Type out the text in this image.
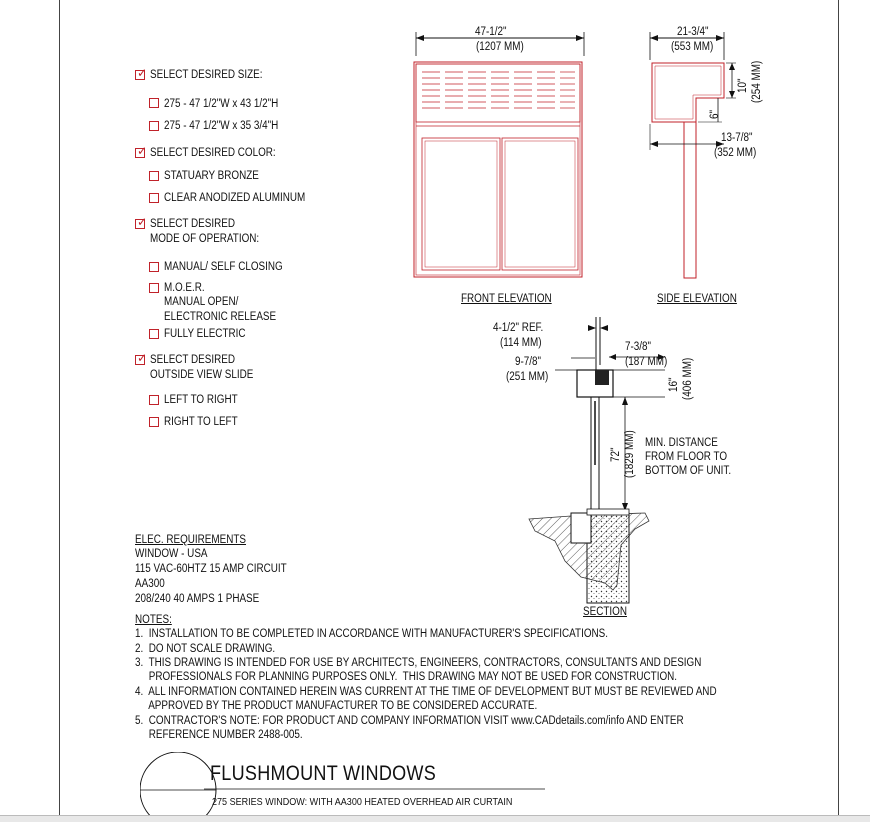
✓
SELECT DESIRED SIZE:
275 - 47 1/2"W x 43 1/2"H
275 - 47 1/2"W x 35 3/4"H
✓
SELECT DESIRED COLOR:
STATUARY BRONZE
CLEAR ANODIZED ALUMINUM
✓
SELECT DESIRED
MODE OF OPERATION:
MANUAL/ SELF CLOSING
M.O.E.R.
MANUAL OPEN/
ELECTRONIC RELEASE
FULLY ELECTRIC
✓
SELECT DESIRED
OUTSIDE VIEW SLIDE
LEFT TO RIGHT
RIGHT TO LEFT
47-1/2"
(1207 MM)
FRONT ELEVATION
21-3/4"
(553 MM)
10" (254 MM)
6"
13-7/8"
(352 MM)
SIDE ELEVATION
4-1/2" REF.
(114 MM)	7-3/8"
(187 MM)
9-7/8"
(251 MM)
16" (406 MM)
72" (1829 MM) MIN. DISTANCE
FROM FLOOR TO
BOTTOM OF UNIT.
SECTION
ELEC. REQUIREMENTS
WINDOW - USA
115 VAC-60HTZ 15 AMP CIRCUIT
AA300
208/240 40 AMPS 1 PHASE
NOTES:
1.  INSTALLATION TO BE COMPLETED IN ACCORDANCE WITH MANUFACTURER'S SPECIFICATIONS.
2.  DO NOT SCALE DRAWING.
3.  THIS DRAWING IS INTENDED FOR USE BY ARCHITECTS, ENGINEERS, CONTRACTORS, CONSULTANTS AND DESIGN
PROFESSIONALS FOR PLANNING PURPOSES ONLY.  THIS DRAWING MAY NOT BE USED FOR CONSTRUCTION.
4.  ALL INFORMATION CONTAINED HEREIN WAS CURRENT AT THE TIME OF DEVELOPMENT BUT MUST BE REVIEWED AND
APPROVED BY THE PRODUCT MANUFACTURER TO BE CONSIDERED ACCURATE.
5.  CONTRACTOR'S NOTE: FOR PRODUCT AND COMPANY INFORMATION VISIT www.CADdetails.com/info AND ENTER
REFERENCE NUMBER 2488-005.
FLUSHMOUNT WINDOWS
275 SERIES WINDOW: WITH AA300 HEATED OVERHEAD AIR CURTAIN
